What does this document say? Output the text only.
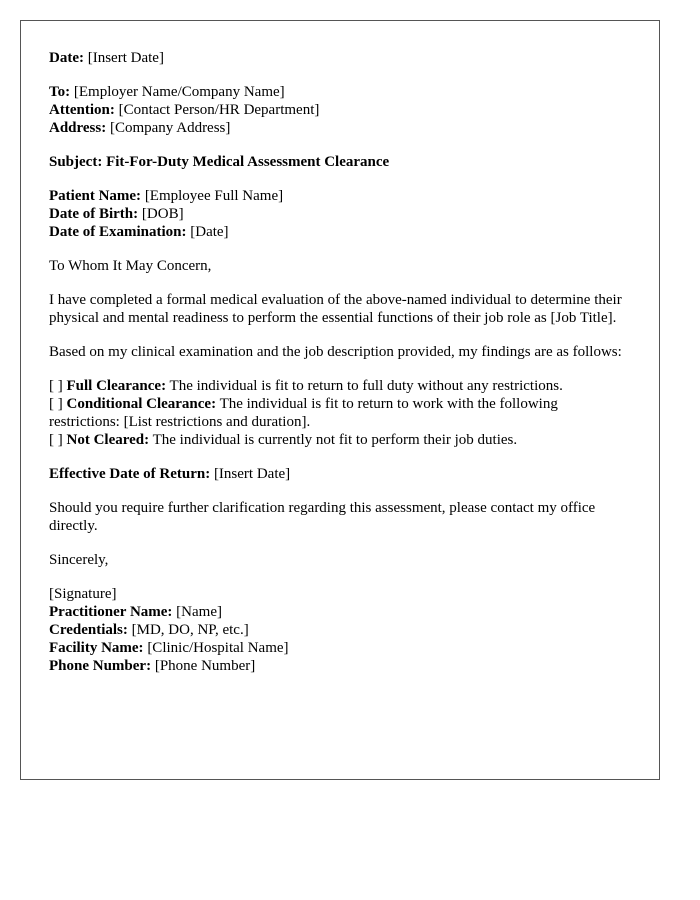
Date: [Insert Date]
To: [Employer Name/Company Name]
Attention: [Contact Person/HR Department]
Address: [Company Address]
Subject: Fit-For-Duty Medical Assessment Clearance
Patient Name: [Employee Full Name]
Date of Birth: [DOB]
Date of Examination: [Date]
To Whom It May Concern,
I have completed a formal medical evaluation of the above-named individual to determine their physical and mental readiness to perform the essential functions of their job role as [Job Title].
Based on my clinical examination and the job description provided, my findings are as follows:
[ ] Full Clearance: The individual is fit to return to full duty without any restrictions.
[ ] Conditional Clearance: The individual is fit to return to work with the following restrictions: [List restrictions and duration].
[ ] Not Cleared: The individual is currently not fit to perform their job duties.
Effective Date of Return: [Insert Date]
Should you require further clarification regarding this assessment, please contact my office directly.
Sincerely,
[Signature]
Practitioner Name: [Name]
Credentials: [MD, DO, NP, etc.]
Facility Name: [Clinic/Hospital Name]
Phone Number: [Phone Number]
